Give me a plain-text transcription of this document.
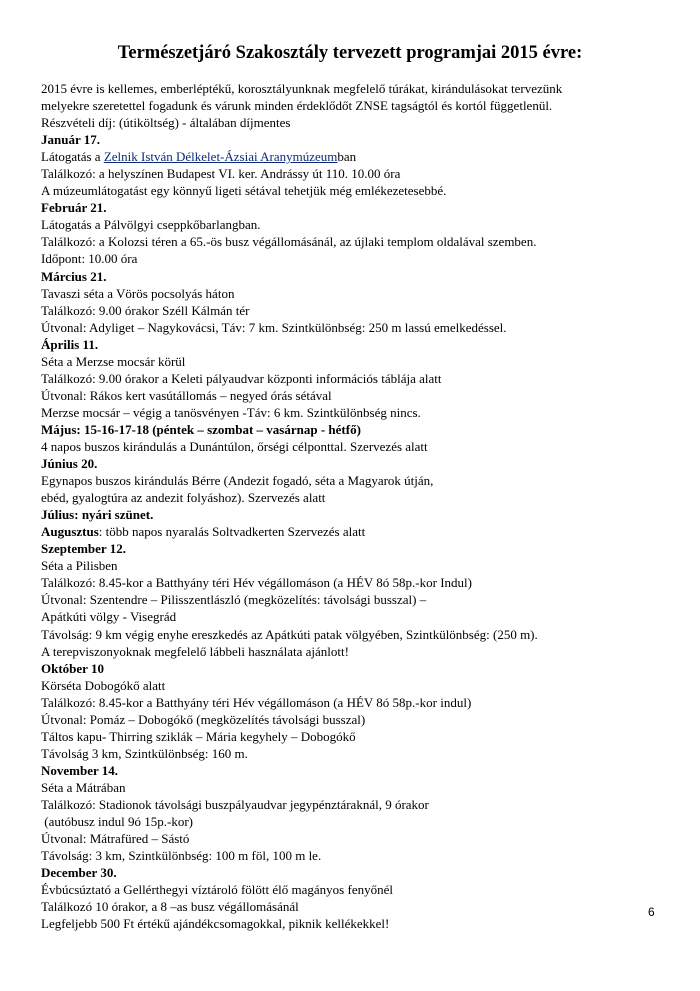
Természetjáró Szakosztály tervezett programjai 2015 évre:
2015 évre is kellemes, emberléptékű, korosztályunknak megfelelő túrákat, kirándulásokat tervezünk
melyekre szeretettel fogadunk és várunk minden érdeklődőt ZNSE tagságtól és kortól függetlenül.
Részvételi díj: (útiköltség) - általában díjmentes
Január 17.
Látogatás a Zelnik István Délkelet-Ázsiai Aranymúzeumban
Találkozó: a helyszínen Budapest VI. ker. Andrássy út 110. 10.00 óra
A múzeumlátogatást egy könnyű ligeti sétával tehetjük még emlékezetesebbé.
Február 21.
Látogatás a Pálvölgyi cseppkőbarlangban.
Találkozó: a Kolozsi téren a 65.-ös busz végállomásánál, az újlaki templom oldalával szemben.
Időpont: 10.00 óra
Március 21.
Tavaszi séta a Vörös pocsolyás háton
Találkozó: 9.00 órakor Széll Kálmán tér
Útvonal: Adyliget – Nagykovácsi, Táv: 7 km. Szintkülönbség: 250 m lassú emelkedéssel.
Április 11.
Séta a Merzse mocsár körül
Találkozó: 9.00 órakor a Keleti pályaudvar központi információs táblája alatt
Útvonal: Rákos kert vasútállomás – negyed órás sétával
Merzse mocsár – végig a tanösvényen -Táv: 6 km. Szintkülönbség nincs.
Május: 15-16-17-18 (péntek – szombat – vasárnap - hétfő)
4 napos buszos kirándulás a Dunántúlon, őrségi célponttal. Szervezés alatt
Június 20.
Egynapos buszos kirándulás Bérre (Andezit fogadó, séta a Magyarok útján,
ebéd, gyalogtúra az andezit folyáshoz). Szervezés alatt
Július: nyári szünet.
Augusztus: több napos nyaralás Soltvadkerten Szervezés alatt
Szeptember 12.
Séta a Pilisben
Találkozó: 8.45-kor a Batthyány téri Hév végállomáson (a HÉV 8ó 58p.-kor Indul)
Útvonal: Szentendre – Pilisszentlászló (megközelítés: távolsági busszal) –
Apátkúti völgy - Visegrád
Távolság: 9 km végig enyhe ereszkedés az Apátkúti patak völgyében, Szintkülönbség: (250 m).
A terepviszonyoknak megfelelő lábbeli használata ajánlott!
Október 10
Körséta Dobogókő alatt
Találkozó: 8.45-kor a Batthyány téri Hév végállomáson (a HÉV 8ó 58p.-kor indul)
Útvonal: Pomáz – Dobogókő (megközelítés távolsági busszal)
Táltos kapu- Thirring sziklák – Mária kegyhely – Dobogókő
Távolság 3 km, Szintkülönbség: 160 m.
November 14.
Séta a Mátrában
Találkozó: Stadionok távolsági buszpályaudvar jegypénztáraknál, 9 órakor
(autóbusz indul 9ó 15p.-kor)
Útvonal: Mátrafüred – Sástó
Távolság: 3 km, Szintkülönbség: 100 m föl, 100 m le.
December 30.
Évbúcsúztató a Gellérthegyi víztároló fölött élő magányos fenyőnél
Találkozó 10 órakor, a 8 –as busz végállomásánál
Legfeljebb 500 Ft értékű ajándékcsomagokkal, piknik kellékekkel!
6
